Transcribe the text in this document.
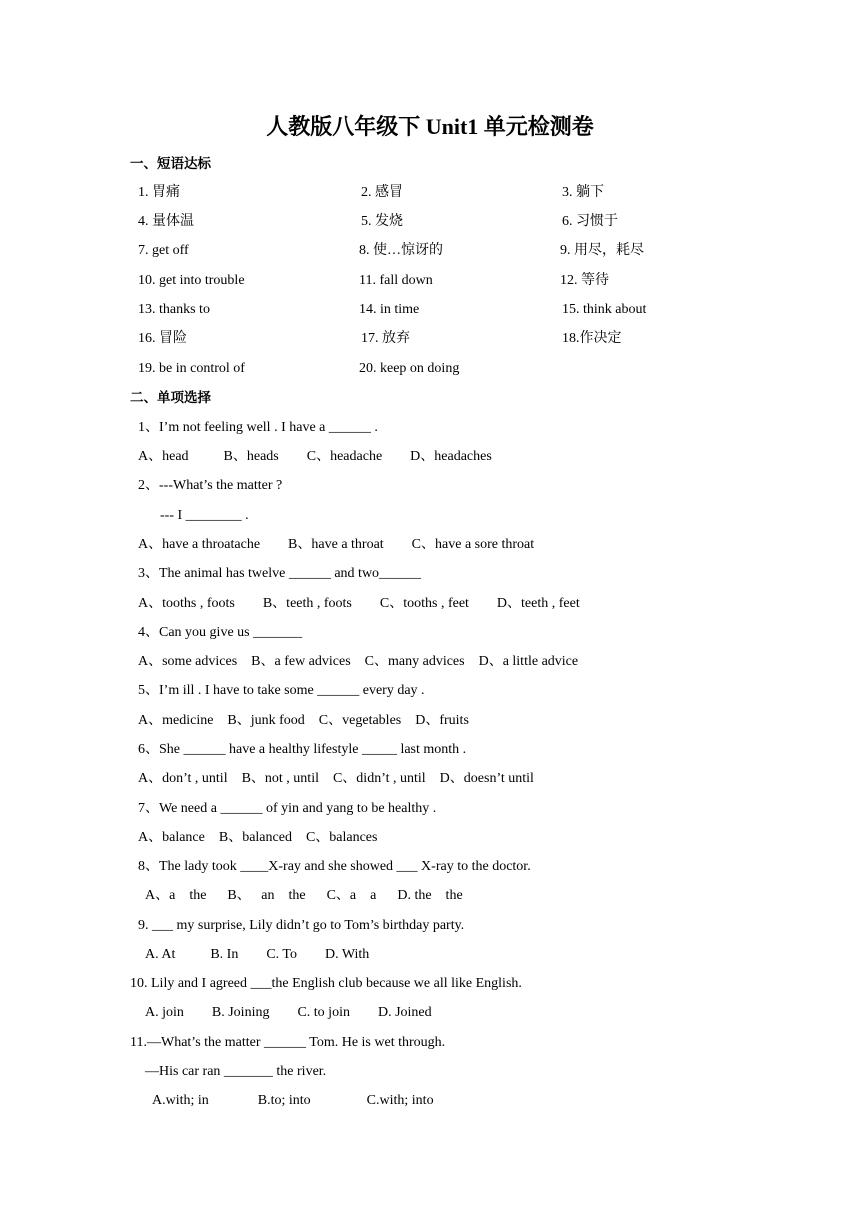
人教版八年级下 Unit1 单元检测卷
一、短语达标
1. 胃痛	2. 感冒	3. 躺下
4. 量体温	5. 发烧	6. 习惯于
7. get off	8. 使…惊讶的	9. 用尽，耗尽
10. get into trouble	11. fall down	12. 等待
13. thanks to	14. in time	15. think about
16. 冒险	17. 放弃	18.作决定
19. be in control of	20. keep on doing
二、单项选择
1、I’m not feeling well . I have a ______ .
A、head          B、heads        C、headache        D、headaches
2、---What’s the matter ?
--- I ________ .
A、have a throatache        B、have a throat        C、have a sore throat
3、The animal has twelve ______ and two______
A、tooths , foots        B、teeth , foots        C、tooths , feet        D、teeth , feet
4、Can you give us _______
A、some advices    B、a few advices    C、many advices    D、a little advice
5、I’m ill . I have to take some ______ every day .
A、medicine    B、junk food    C、vegetables    D、fruits
6、She ______ have a healthy lifestyle _____ last month .
A、don’t , until    B、not , until    C、didn’t , until    D、doesn’t until
7、We need a ______ of yin and yang to be healthy .
A、balance    B、balanced    C、balances
8、The lady took ____X-ray and she showed ___ X-ray to the doctor.
A、a    the      B、   an    the      C、a    a      D. the    the
9. ___ my surprise, Lily didn’t go to Tom’s birthday party.
A. At          B. In        C. To        D. With
10. Lily and I agreed ___the English club because we all like English.
A. join        B. Joining        C. to join        D. Joined
11.—What’s the matter ______ Tom. He is wet through.
—His car ran _______ the river.
A.with; in              B.to; into                C.with; into
